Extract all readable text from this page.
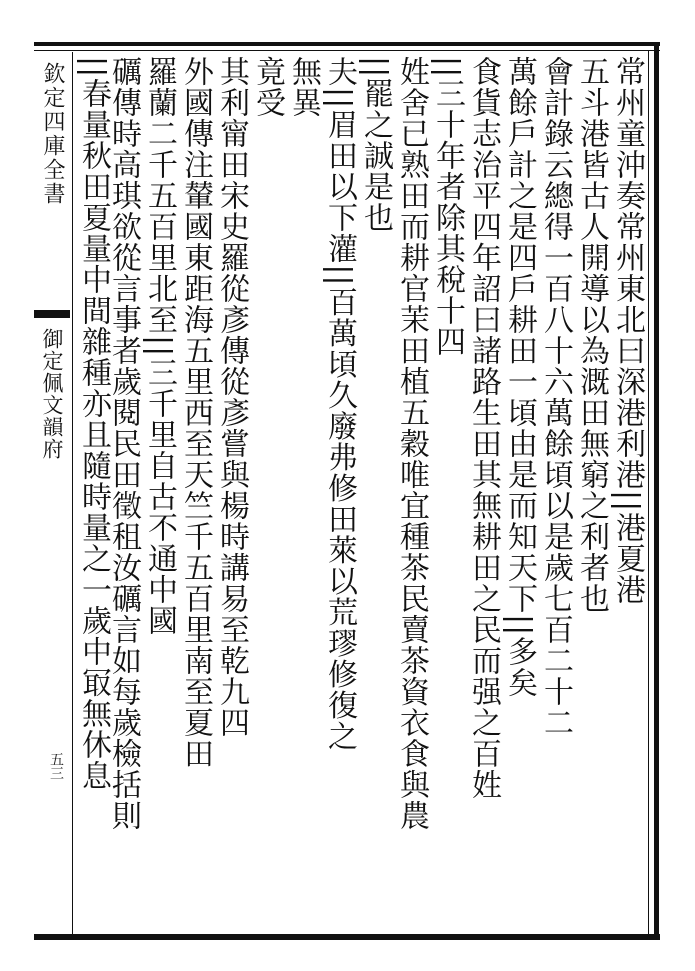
欽定四庫全書
御定佩文韻府
五三
常州童沖奏常州東北曰深港利港||港夏港
五斗港皆古人開導以為溉田無窮之利者也
會計錄云總得一百八十六萬餘頃以是歲七百二十二
萬餘戶計之是四戶耕田一頃由是而知天下||多矣
食貨志治平四年詔曰諸路生田其無耕田之民而强之百姓
||三十年者除其稅十四
姓舍已熟田而耕官茉田植五穀唯宜種茶民賣茶資衣食與農
||罷之誠是也
夫||眉田以下灌||百萬頃久廢弗修田萊以荒璆修復之
無異
竟受
其利甯田宋史羅從彥傳從彥嘗與楊時講易至乾九四
外國傳注輦國東距海五里西至天竺千五百里南至夏田
羅蘭二千五百里北至||三千里自古不通中國
礪傳時高琪欲從言事者歲閱民田徵租汝礪言如每歲檢括則
||春量秋田夏量中間雜種亦且隨時量之一歲中冣無休息
